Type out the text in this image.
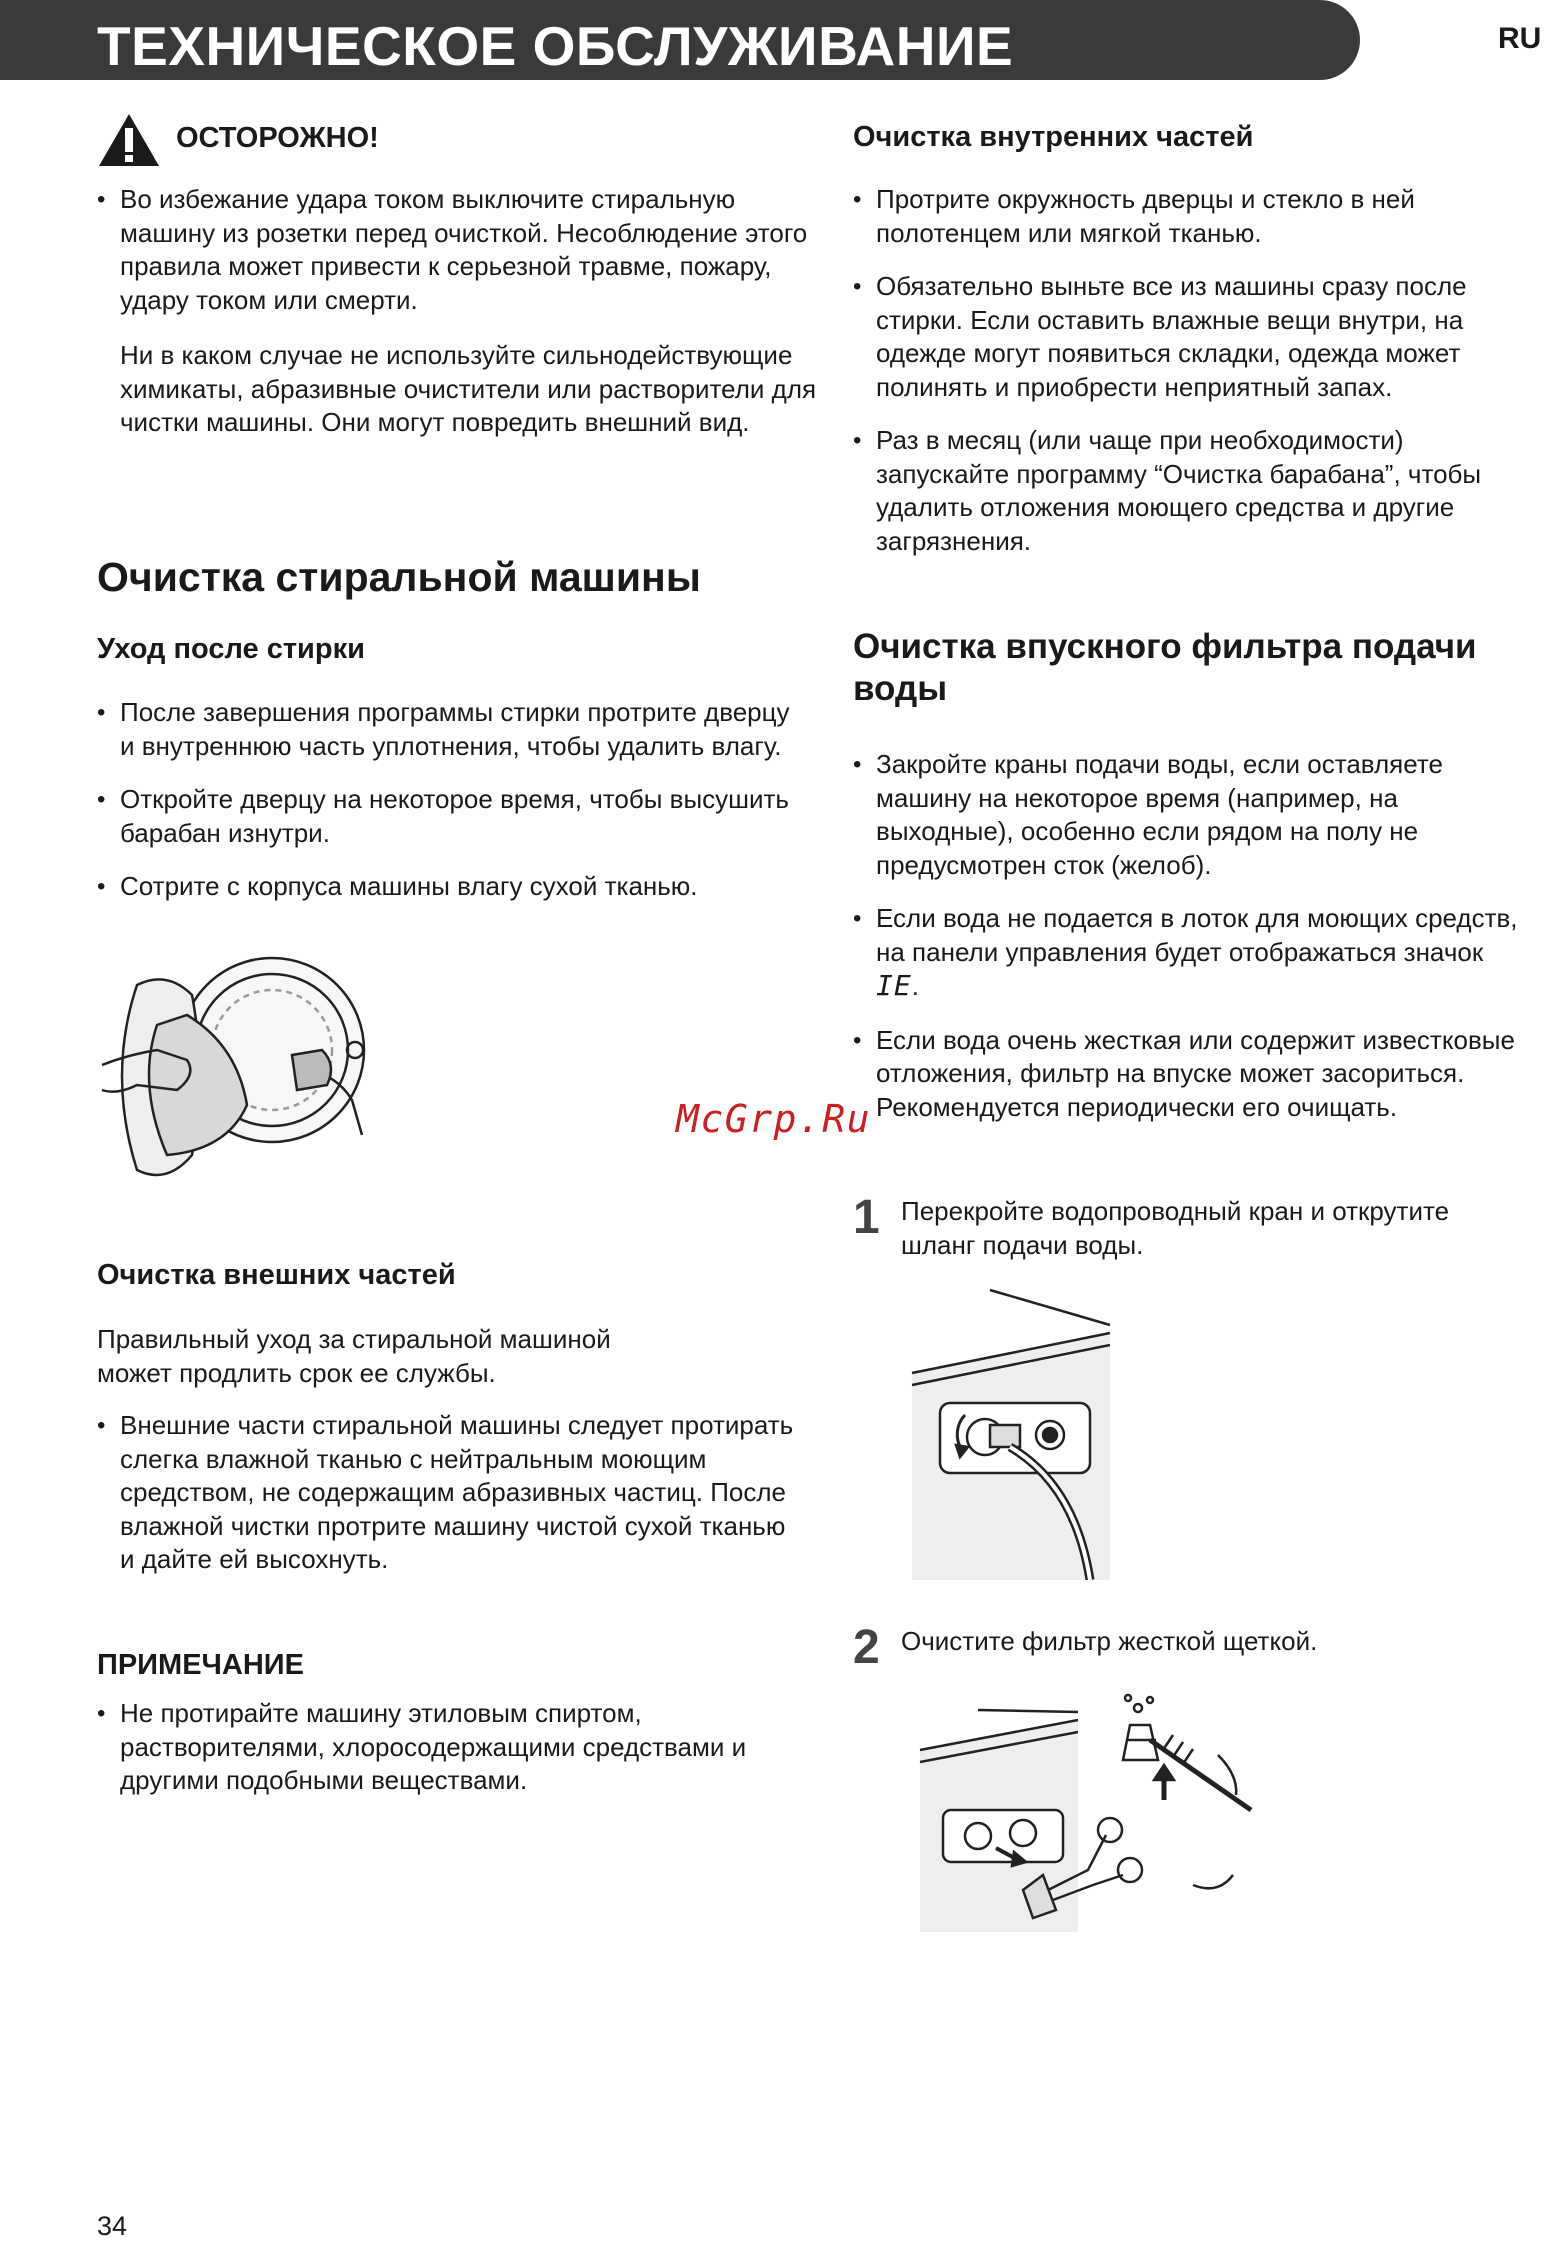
ТЕХНИЧЕСКОЕ ОБСЛУЖИВАНИЕ	RU
ОСТОРОЖНО!
• Во избежание удара током выключите стиральную машину из розетки перед очисткой. Несоблюдение этого правила может привести к серьезной травме, пожару, удару током или смерти.
Ни в каком случае не используйте сильнодействующие химикаты, абразивные очистители или растворители для чистки машины. Они могут повредить внешний вид.
Очистка стиральной машины
Уход после стирки
• После завершения программы стирки протрите дверцу и внутреннюю часть уплотнения, чтобы удалить влагу.
• Откройте дверцу на некоторое время, чтобы высушить барабан изнутри.
• Сотрите с корпуса машины влагу сухой тканью.
Очистка внешних частей
Правильный уход за стиральной машиной может продлить срок ее службы.
• Внешние части стиральной машины следует протирать слегка влажной тканью с нейтральным моющим средством, не содержащим абразивных частиц. После влажной чистки протрите машину чистой сухой тканью и дайте ей высохнуть.
ПРИМЕЧАНИЕ
• Не протирайте машину этиловым спиртом, растворителями, хлоросодержащими средствами и другими подобными веществами.
Очистка внутренних частей
• Протрите окружность дверцы и стекло в ней полотенцем или мягкой тканью.
• Обязательно выньте все из машины сразу после стирки. Если оставить влажные вещи внутри, на одежде могут появиться складки, одежда может полинять и приобрести неприятный запах.
• Раз в месяц (или чаще при необходимости) запускайте программу “Очистка барабана”, чтобы удалить отложения моющего средства и другие загрязнения.
Очистка впускного фильтра подачи воды
• Закройте краны подачи воды, если оставляете машину на некоторое время (например, на выходные), особенно если рядом на полу не предусмотрен сток (желоб).
• Если вода не подается в лоток для моющих средств, на панели управления будет отображаться значок IE.
• Если вода очень жесткая или содержит известковые отложения, фильтр на впуске может засориться. Рекомендуется периодически его очищать.
1 Перекройте водопроводный кран и открутите шланг подачи воды.
2 Очистите фильтр жесткой щеткой.
McGrp.Ru
34
